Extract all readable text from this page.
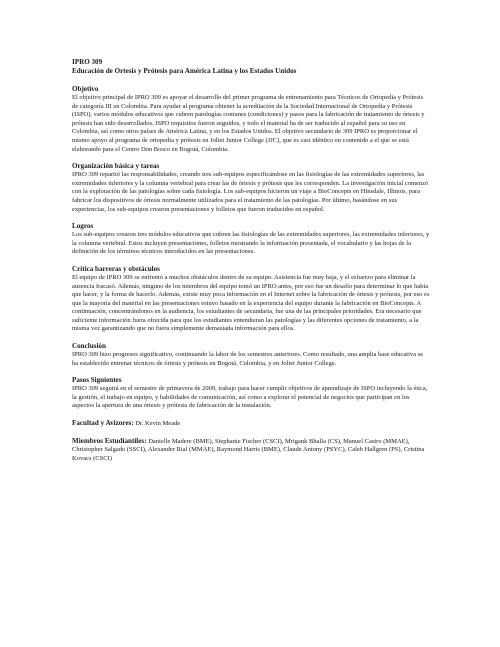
IPRO 309

Educación de Ortesis y Prótesis para América Latina y los Estados Unidos

Objetivo

El objetivo principal de IPRO 309 es apoyar el desarrollo del primer programa de entrenamiento para Técnicos de Ortopedia y Prótesis de categoría III en Colombia. Para ayudar al programa obtener la acreditación de la Sociedad Internacional de Ortopedia y Prótesis (ISPO), varios módulos educativos que cubren patologías comunes (condiciones) y pasos para la fabricación de tratamiento de órtesis y prótesis han sido desarrollados. ISPO requisitos fueron seguidos, y todo el material ha de ser traducido al español para su uso en Colombia, así como otros países de América Latina, y en los Estados Unidos. El objetivo secundario de 309 IPRO es proporcionar el mismo apoyo al programa de ortopedia y prótesis en Joliet Junior College (JJC), que es casi idéntico en contenido a el que se está elaborando para el Centro Don Bosco en Bogotá, Colombia.

Organización básica y tareas

IPRO 309 repartió las responsabilidades, creando tres sub-equipos especificándose en las fisiologías de las extremidades superiores, las extremidades inferiores y la columna vertebral para crear las de órtesis y prótesis que les corresponden. La investigación inicial comenzó con la exploración de las patologías sobre cada fisiología. Los sub-equipos hicieron un viaje a BioConcepts en Hinsdale, Illinois, para fabricar los dispositivos de órtesis normalmente utilizados para el tratamiento de las patologías. Por último, basándose en sus experiencias, los sub-equipos crearon presentaciones y folletos que fueron traducidos en español.

Logros

Los sub-equipos crearon tres módulos educativos que cubren las fisiologías de las extremidades superiores, las extremidades inferiores, y la columna vertebral. Estos incluyen presentaciones, folletos mostrando la información presentada, el vocabulario y las hojas de la definición de los términos técnicos introducidos en las presentaciones.

Crítica barreras y obstáculos

El equipo de IPRO 309 se enfrentó a muchos obstáculos dentro de su equipo. Asistencia fue muy baja, y el esfuerzo para eliminar la ausencia fracasó. Además, ninguno de los miembros del equipo tomó un IPRO antes, por eso fue un desafío para determinar lo que había que hacer, y la forma de hacerlo. Además, existe muy poca información en el Internet sobre la fabricación de órtesis y prótesis, por eso es que la mayoría del material en las presentaciones estuvo basado en la experiencia del equipo durante la fabricación en BioConcepts. A continuación, concentrándonos en la audiencia, los estudiantes de secundaria, fue una de las principales prioridades. Era necesario que suficiente información fuera ofrecida para que los estudiantes entendieran las patologías y las diferentes opciones de tratamiento, a la misma vez garantizando que no fuera simplemente demasiada información para ellos.

Conclusión

IPRO 309 hizo progresos significativo, continuando la labor de los semestres anteriores. Como resultado, una amplia base educativa se ha establecido entrenar técnicos de órtesis y prótesis en Bogotá, Colombia, y en Joliet Junior College.

Pasos Siguientes

IPRO 309 seguirá en el semestre de primavera de 2009, trabajo para hacer cumplir objetivos de aprendizaje de ISPO incluyendo la ética, la gestión, el trabajo en equipo, y habilidades de comunicación, así como a explorar el potencial de negocios que participan en los aspectos la apertura de una órtesis y prótesis de fabricación de la instalación.

Facultad y Avizores: Dr. Kevin Meade

Miembros Estudiantiles: Danielle Madere (BME), Stephanie Fischer (CSCI), Mrigank Bhalla (CS), Manuel Castro (MMAE), Christopher Salgado (SSCI), Alexander Rial (MMAE), Raymond Harris (BME), Claude Antony (PSYC), Caleb Hallgren (PS), Cristina Kovacs (CSCI)
